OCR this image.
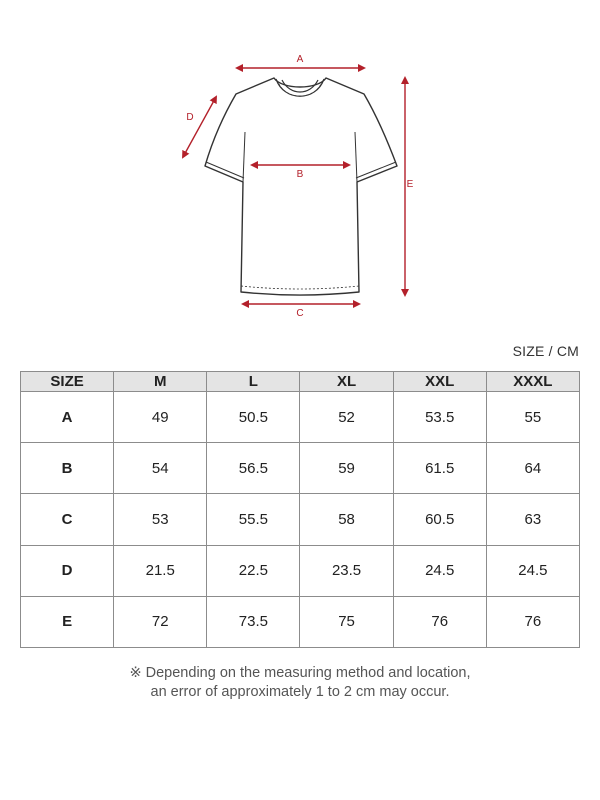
A
B
C
D
E
SIZE / CM
SIZE	M	L	XL	XXL	XXXL
A	49	50.5	52	53.5	55
B	54	56.5	59	61.5	64
C	53	55.5	58	60.5	63
D	21.5	22.5	23.5	24.5	24.5
E	72	73.5	75	76	76
※ Depending on the measuring method and location,
an error of approximately 1 to 2 cm may occur.
